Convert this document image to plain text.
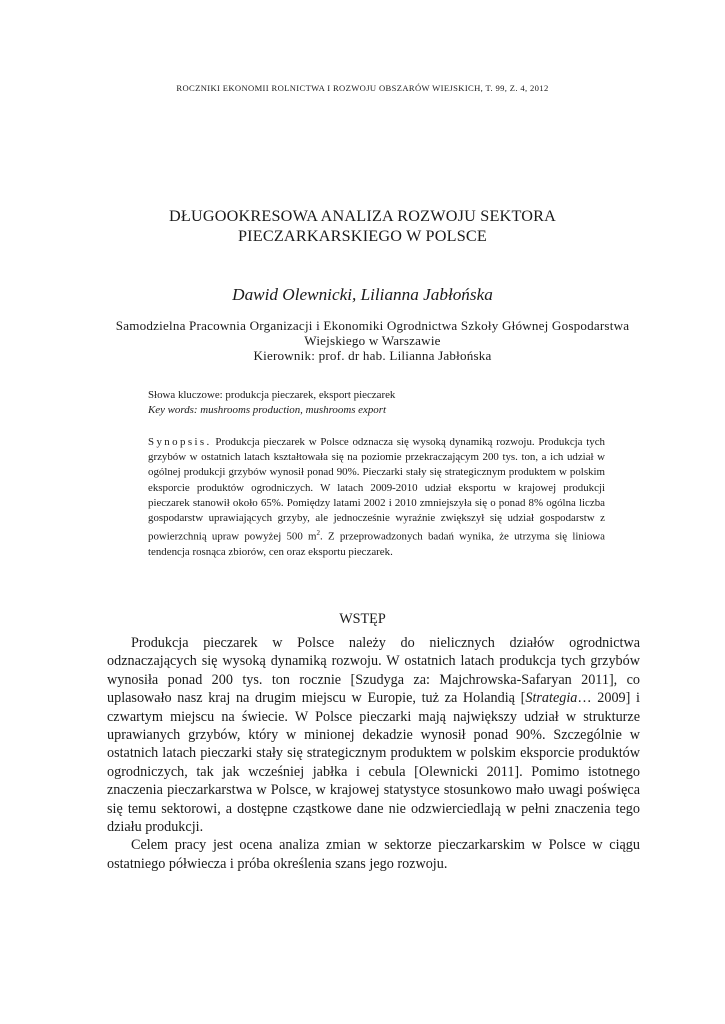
ROCZNIKI EKONOMII ROLNICTWA I ROZWOJU OBSZARÓW WIEJSKICH, T. 99, Z. 4, 2012
DŁUGOOKRESOWA ANALIZA ROZWOJU SEKTORA
PIECZARKARSKIEGO W POLSCE
Dawid Olewnicki, Lilianna Jabłońska
Samodzielna Pracownia Organizacji i Ekonomiki Ogrodnictwa Szkoły Głównej Gospodarstwa
Wiejskiego w Warszawie
Kierownik: prof. dr hab. Lilianna Jabłońska
Słowa kluczowe: produkcja pieczarek, eksport pieczarek
Key words: mushrooms production, mushrooms export
Synopsis. Produkcja pieczarek w Polsce odznacza się wysoką dynamiką rozwoju. Produkcja tych grzybów w ostatnich latach kształtowała się na poziomie przekraczającym 200 tys. ton, a ich udział w ogólnej produkcji grzybów wynosił ponad 90%. Pieczarki stały się strategicznym produktem w polskim eksporcie produktów ogrodniczych. W latach 2009-2010 udział eksportu w krajowej produkcji pieczarek stanowił około 65%. Pomiędzy latami 2002 i 2010 zmniejszyła się o ponad 8% ogólna liczba gospodarstw uprawiających grzyby, ale jednocześnie wyraźnie zwiększył się udział gospodarstw z powierzchnią upraw powyżej 500 $m^2$. Z przeprowadzonych badań wynika, że utrzyma się liniowa tendencja rosnąca zbiorów, cen oraz eksportu pieczarek.
WSTĘP

Produkcja pieczarek w Polsce należy do nielicznych działów ogrodnictwa odznaczających się wysoką dynamiką rozwoju. W ostatnich latach produkcja tych grzybów wynosiła ponad 200 tys. ton rocznie [Szudyga za: Majchrowska-Safaryan 2011], co uplasowało nasz kraj na drugim miejscu w Europie, tuż za Holandią [Strategia… 2009] i czwartym miejscu na świecie. W Polsce pieczarki mają największy udział w strukturze uprawianych grzybów, który w minionej dekadzie wynosił ponad 90%. Szczególnie w ostatnich latach pieczarki stały się strategicznym produktem w polskim eksporcie produktów ogrodniczych, tak jak wcześniej jabłka i cebula [Olewnicki 2011]. Pomimo istotnego znaczenia pieczarkarstwa w Polsce, w krajowej statystyce stosunkowo mało uwagi poświęca się temu sektorowi, a dostępne cząstkowe dane nie odzwierciedlają w pełni znaczenia tego działu produkcji.

Celem pracy jest ocena analiza zmian w sektorze pieczarkarskim w Polsce w ciągu ostatniego półwiecza i próba określenia szans jego rozwoju.
